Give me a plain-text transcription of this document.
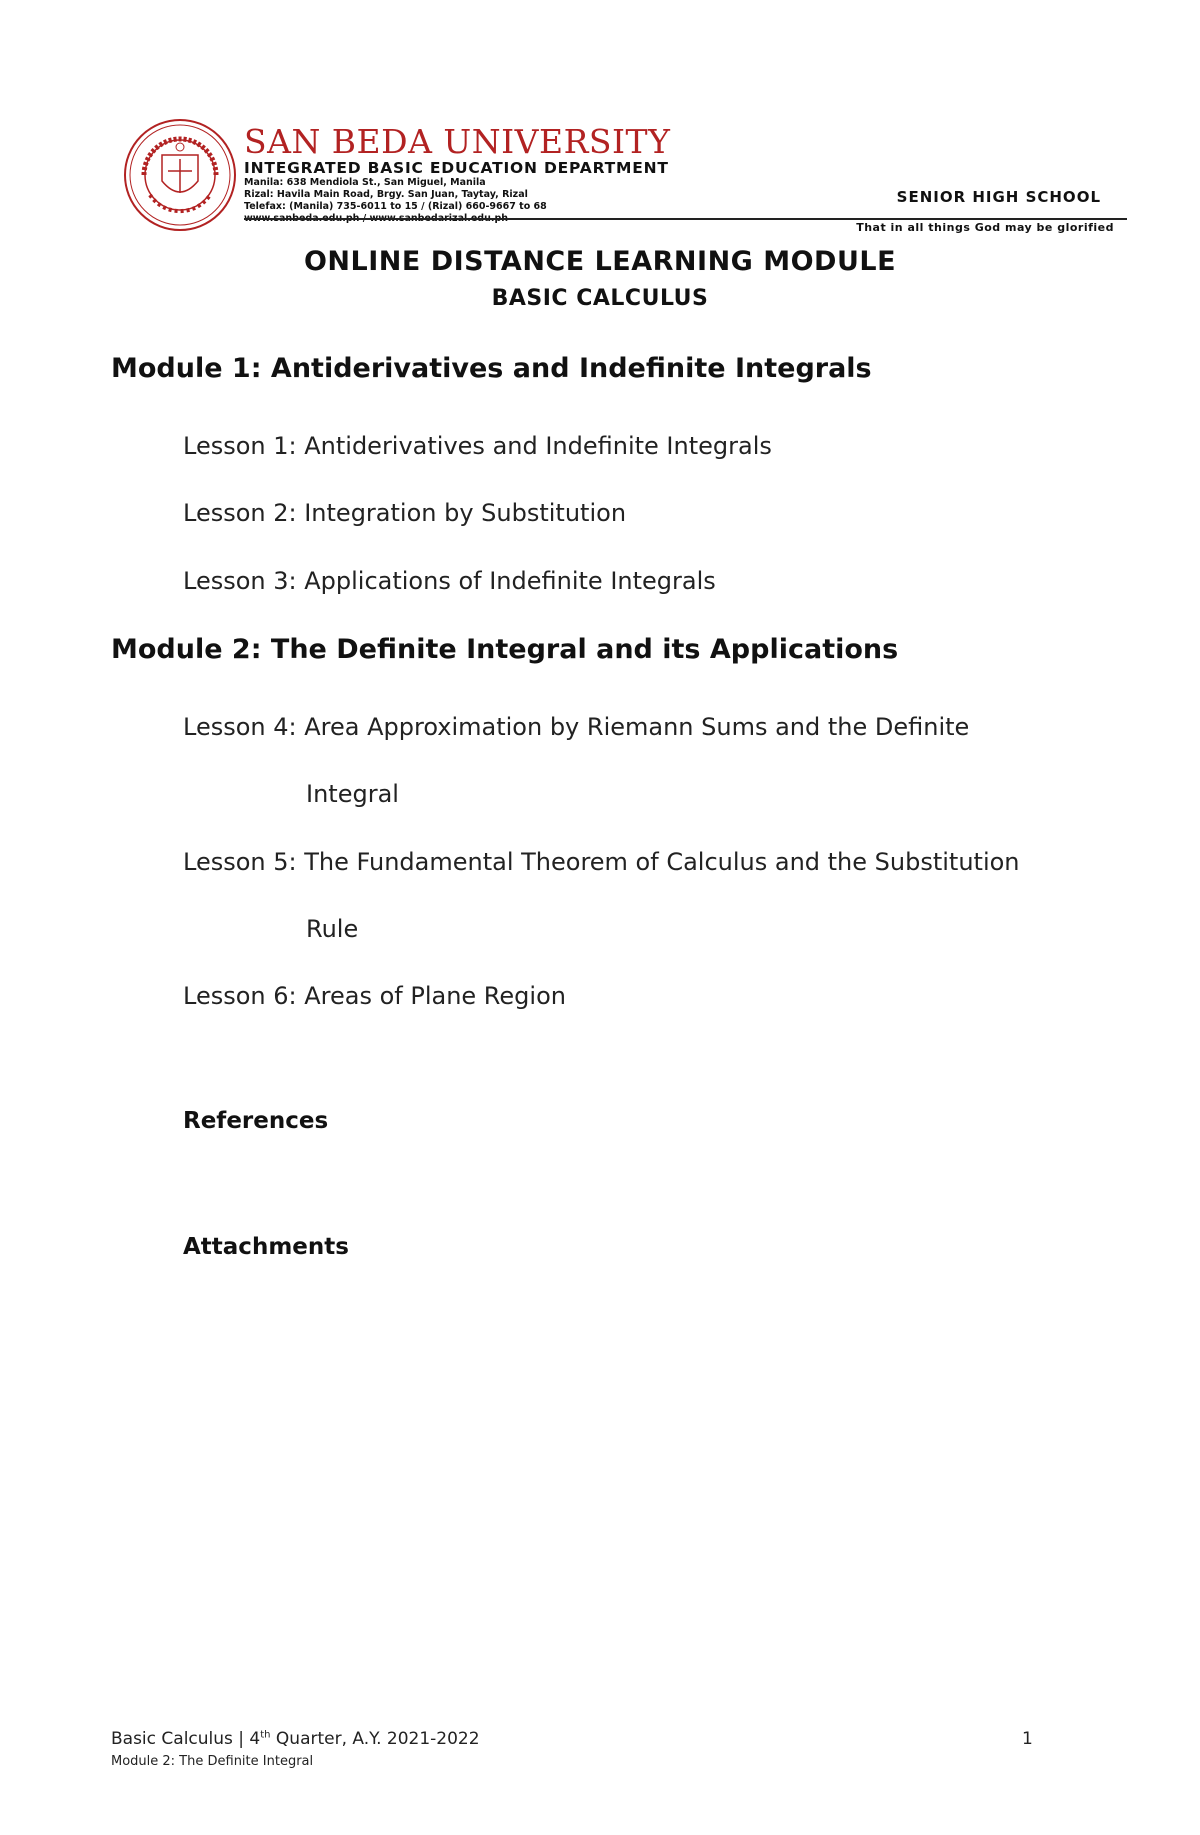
SAN BEDA UNIVERSITY
INTEGRATED BASIC EDUCATION DEPARTMENT
Manila: 638 Mendiola St., San Miguel, Manila
Rizal: Havila Main Road, Brgy. San Juan, Taytay, Rizal
Telefax: (Manila) 735-6011 to 15 / (Rizal) 660-9667 to 68
www.sanbeda.edu.ph / www.sanbedarizal.edu.ph
SENIOR HIGH SCHOOL
That in all things God may be glorified
ONLINE DISTANCE LEARNING MODULE
BASIC CALCULUS
Module 1: Antiderivatives and Indefinite Integrals
Lesson 1: Antiderivatives and Indefinite Integrals
Lesson 2: Integration by Substitution
Lesson 3: Applications of Indefinite Integrals
Module 2: The Definite Integral and its Applications
Lesson 4: Area Approximation by Riemann Sums and the Definite
Integral
Lesson 5: The Fundamental Theorem of Calculus and the Substitution
Rule
Lesson 6: Areas of Plane Region
References
Attachments
Basic Calculus | 4th Quarter, A.Y. 2021-2022
Module 2: The Definite Integral
1
